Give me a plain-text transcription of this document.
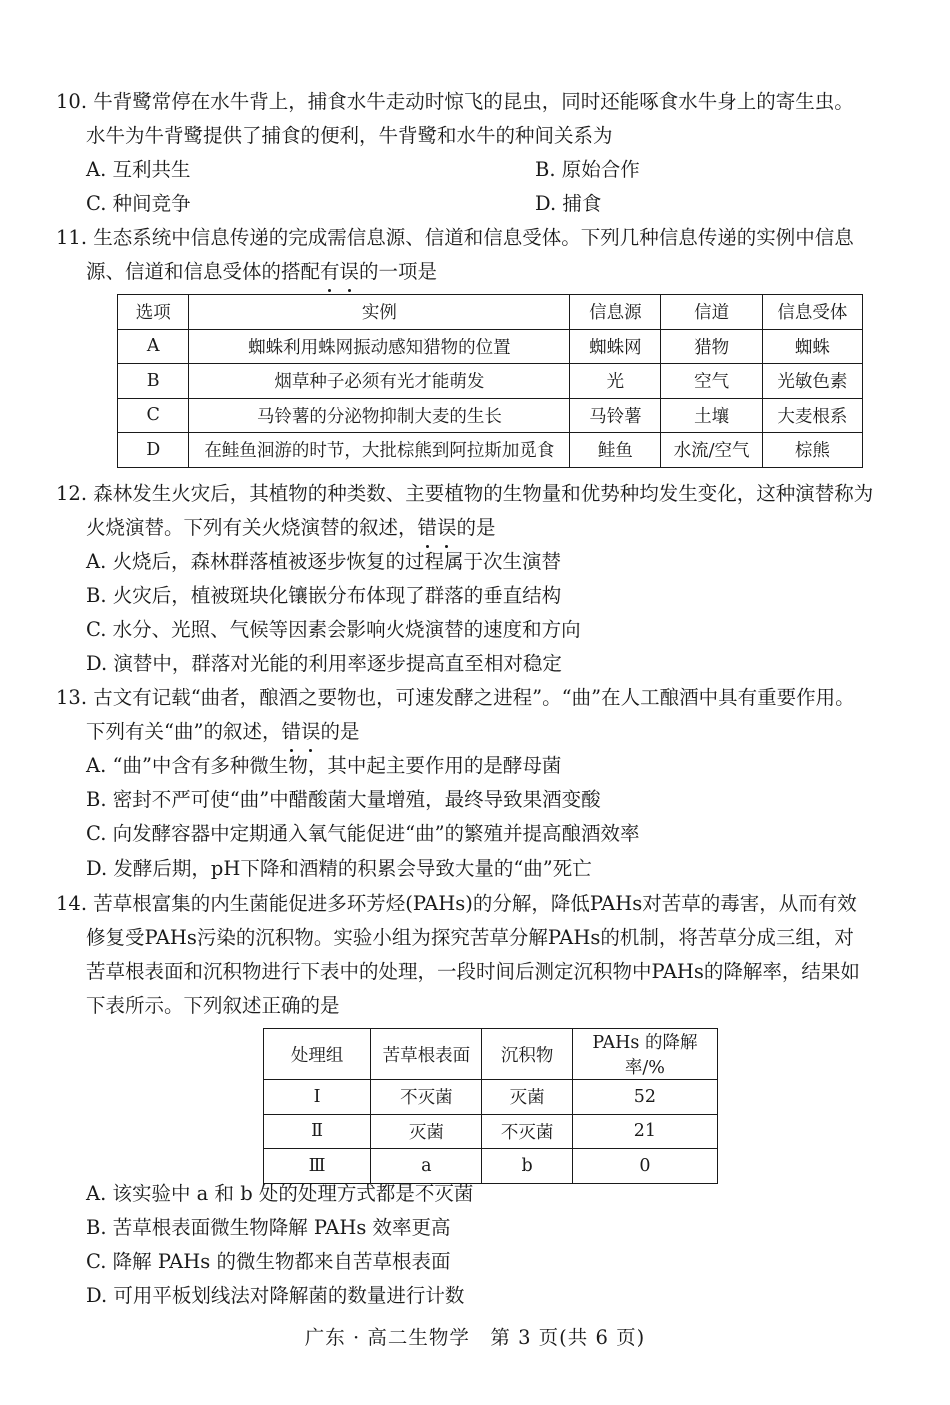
10. 牛背鹭常停在水牛背上，捕食水牛走动时惊飞的昆虫，同时还能啄食水牛身上的寄生虫。
水牛为牛背鹭提供了捕食的便利，牛背鹭和水牛的种间关系为
A. 互利共生	B. 原始合作
C. 种间竞争	D. 捕食
11. 生态系统中信息传递的完成需信息源、信道和信息受体。下列几种信息传递的实例中信息
源、信道和信息受体的搭配有误的一项是
选项	实例	信息源	信道	信息受体
A	蜘蛛利用蛛网振动感知猎物的位置	蜘蛛网	猎物	蜘蛛
B	烟草种子必须有光才能萌发	光	空气	光敏色素
C	马铃薯的分泌物抑制大麦的生长	马铃薯	土壤	大麦根系
D	在鲑鱼洄游的时节，大批棕熊到阿拉斯加觅食	鲑鱼	水流/空气	棕熊
12. 森林发生火灾后，其植物的种类数、主要植物的生物量和优势种均发生变化，这种演替称为
火烧演替。下列有关火烧演替的叙述，错误的是
A. 火烧后，森林群落植被逐步恢复的过程属于次生演替
B. 火灾后，植被斑块化镶嵌分布体现了群落的垂直结构
C. 水分、光照、气候等因素会影响火烧演替的速度和方向
D. 演替中，群落对光能的利用率逐步提高直至相对稳定
13. 古文有记载“曲者，酿酒之要物也，可速发酵之进程”。“曲”在人工酿酒中具有重要作用。
下列有关“曲”的叙述，错误的是
A. “曲”中含有多种微生物，其中起主要作用的是酵母菌
B. 密封不严可使“曲”中醋酸菌大量增殖，最终导致果酒变酸
C. 向发酵容器中定期通入氧气能促进“曲”的繁殖并提高酿酒效率
D. 发酵后期，pH下降和酒精的积累会导致大量的“曲”死亡
14. 苦草根富集的内生菌能促进多环芳烃(PAHs)的分解，降低PAHs对苦草的毒害，从而有效
修复受PAHs污染的沉积物。实验小组为探究苦草分解PAHs的机制，将苦草分成三组，对
苦草根表面和沉积物进行下表中的处理，一段时间后测定沉积物中PAHs的降解率，结果如
下表所示。下列叙述正确的是
处理组	苦草根表面	沉积物	PAHs 的降解率/%
Ⅰ	不灭菌	灭菌	52
Ⅱ	灭菌	不灭菌	21
Ⅲ	a	b	0
A. 该实验中 a 和 b 处的处理方式都是不灭菌
B. 苦草根表面微生物降解 PAHs 效率更高
C. 降解 PAHs 的微生物都来自苦草根表面
D. 可用平板划线法对降解菌的数量进行计数
广东 · 高二生物学　第 3 页(共 6 页)
